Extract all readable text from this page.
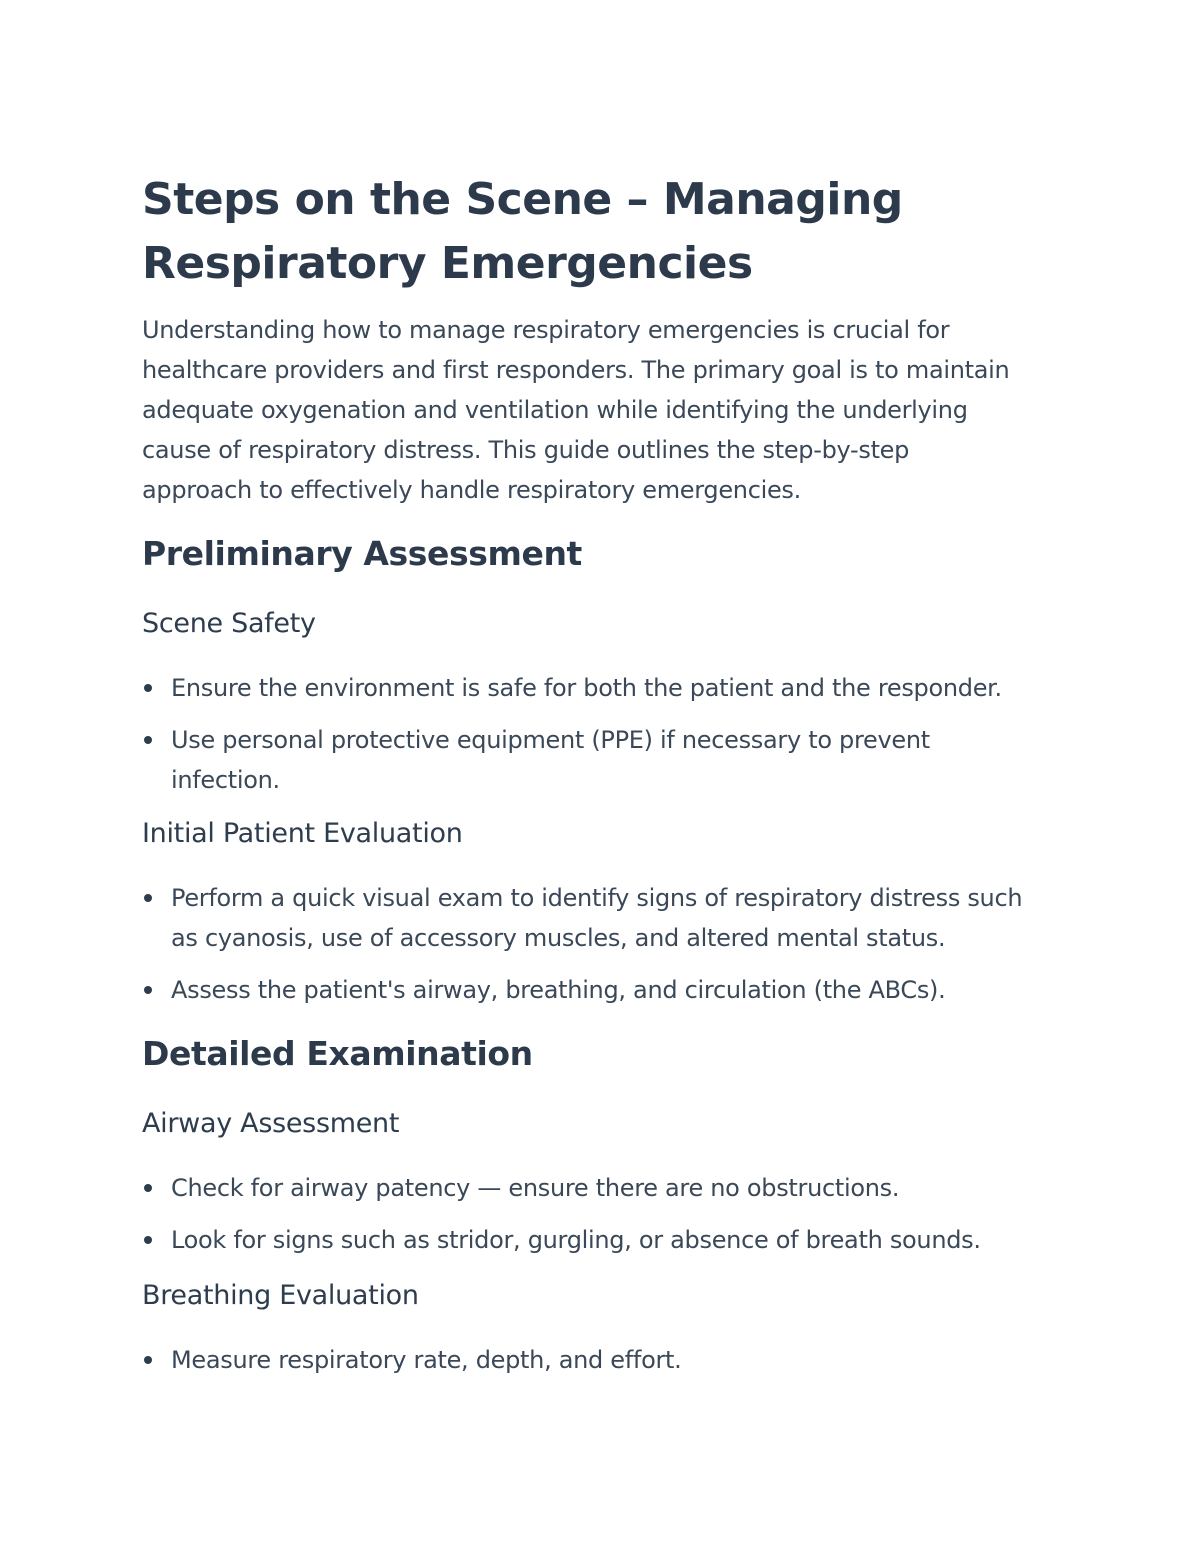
Steps on the Scene – Managing
Respiratory Emergencies
Understanding how to manage respiratory emergencies is crucial for
healthcare providers and first responders. The primary goal is to maintain
adequate oxygenation and ventilation while identifying the underlying
cause of respiratory distress. This guide outlines the step-by-step
approach to effectively handle respiratory emergencies.
Preliminary Assessment
Scene Safety
Ensure the environment is safe for both the patient and the responder.
Use personal protective equipment (PPE) if necessary to prevent
infection.
Initial Patient Evaluation
Perform a quick visual exam to identify signs of respiratory distress such
as cyanosis, use of accessory muscles, and altered mental status.
Assess the patient's airway, breathing, and circulation (the ABCs).
Detailed Examination
Airway Assessment
Check for airway patency — ensure there are no obstructions.
Look for signs such as stridor, gurgling, or absence of breath sounds.
Breathing Evaluation
Measure respiratory rate, depth, and effort.
